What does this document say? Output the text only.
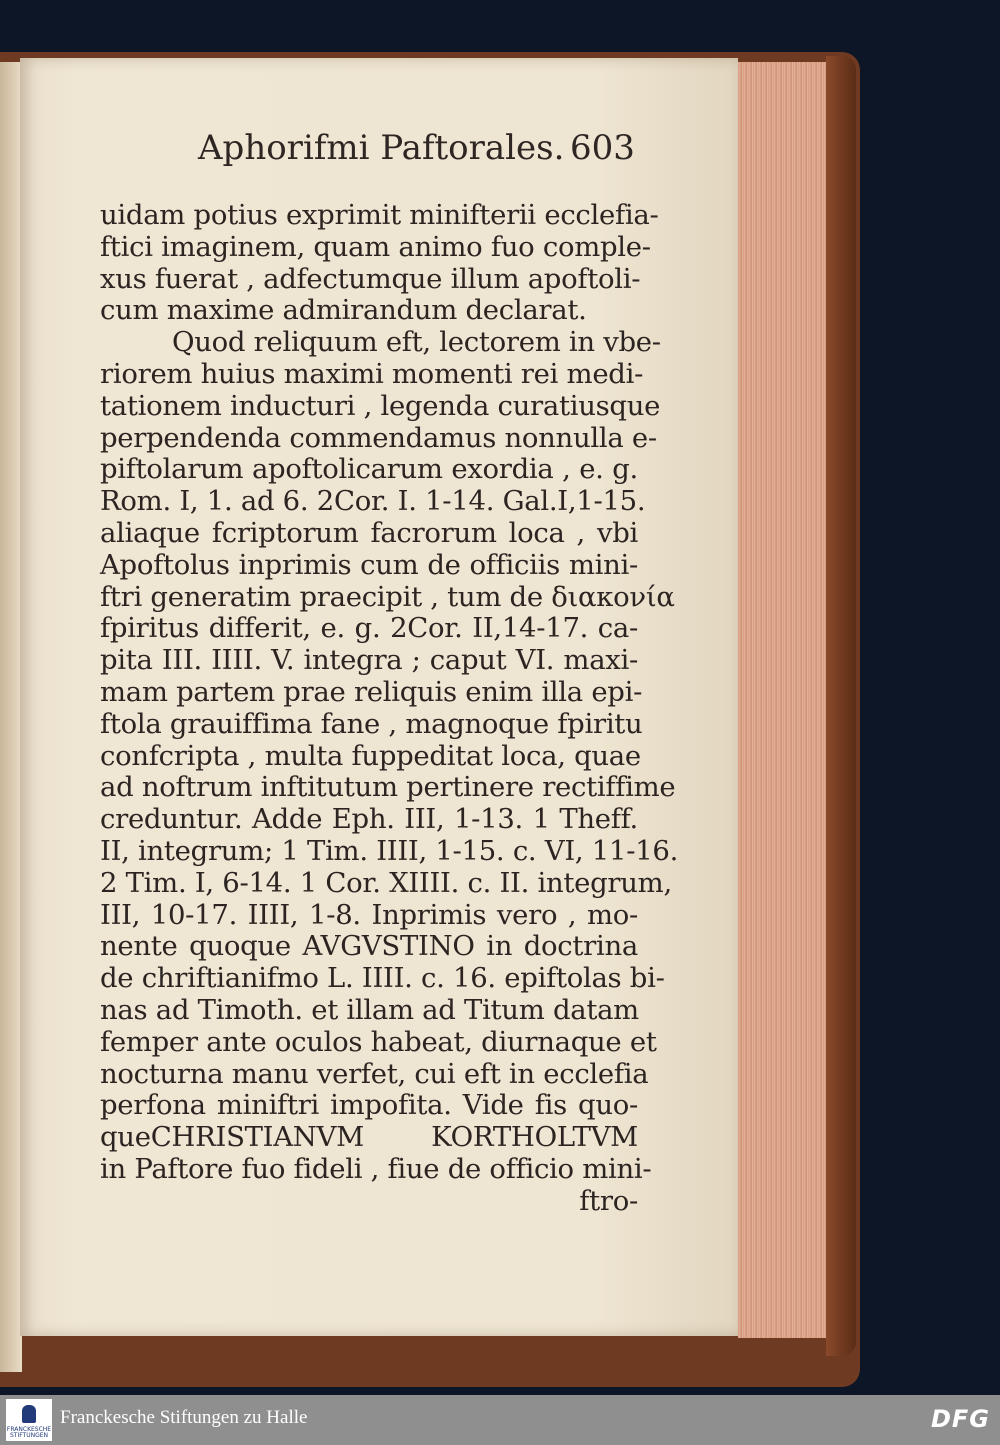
Aphorifmi Paftorales. 603
uidam potius exprimit minifterii ecclefia-
ftici imaginem, quam animo fuo comple-
xus fuerat , adfectumque illum apoftoli-
cum maxime admirandum declarat.
Quod reliquum eft, lectorem in vbe-
riorem huius maximi momenti rei medi-
tationem inducturi , legenda curatiusque
perpendenda commendamus nonnulla e-
piftolarum apoftolicarum exordia , e. g.
Rom. I, 1. ad 6. 2Cor. I. 1-14. Gal.I,1-15.
aliaque fcriptorum facrorum loca , vbi
Apoftolus inprimis cum de officiis mini-
ftri generatim praecipit , tum de διακονία
fpiritus differit, e. g. 2Cor. II,14-17. ca-
pita III. IIII. V. integra ; caput VI. maxi-
mam partem prae reliquis enim illa epi-
ftola grauiffima fane , magnoque fpiritu
confcripta , multa fuppeditat loca, quae
ad noftrum inftitutum pertinere rectiffime
creduntur. Adde Eph. III, 1-13. 1 Theff.
II, integrum; 1 Tim. IIII, 1-15. c. VI, 11-16.
2 Tim. I, 6-14. 1 Cor. XIIII. c. II. integrum,
III, 10-17. IIII, 1-8. Inprimis vero , mo-
nente quoque AVGVSTINO in doctrina
de chriftianifmo L. IIII. c. 16. epiftolas bi-
nas ad Timoth. et illam ad Titum datam
femper ante oculos habeat, diurnaque et
nocturna manu verfet, cui eft in ecclefia
perfona miniftri impofita. Vide fis quo-
queCHRISTIANVM KORTHOLTVM
in Paftore fuo fideli , fiue de officio mini-
ftro-
FRANCKESCHE STIFTUNGEN
Franckesche Stiftungen zu Halle	DFG
